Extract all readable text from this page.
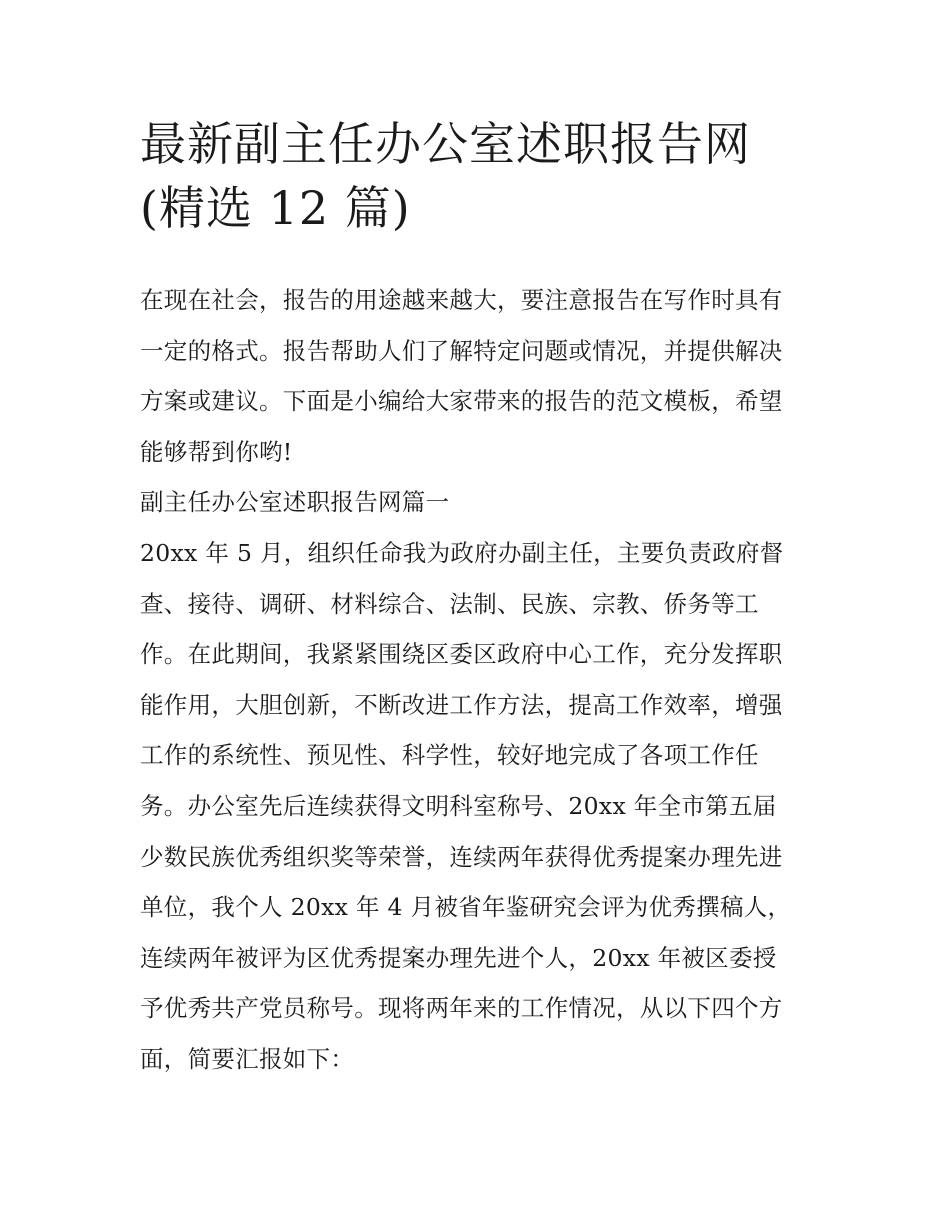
最新副主任办公室述职报告网
(精选 12 篇)
在现在社会，报告的用途越来越大，要注意报告在写作时具有
一定的格式。报告帮助人们了解特定问题或情况，并提供解决
方案或建议。下面是小编给大家带来的报告的范文模板，希望
能够帮到你哟!
副主任办公室述职报告网篇一
20xx 年 5 月，组织任命我为政府办副主任，主要负责政府督
查、接待、调研、材料综合、法制、民族、宗教、侨务等工
作。在此期间，我紧紧围绕区委区政府中心工作，充分发挥职
能作用，大胆创新，不断改进工作方法，提高工作效率，增强
工作的系统性、预见性、科学性，较好地完成了各项工作任
务。办公室先后连续获得文明科室称号、20xx 年全市第五届
少数民族优秀组织奖等荣誉，连续两年获得优秀提案办理先进
单位，我个人 20xx 年 4 月被省年鉴研究会评为优秀撰稿人，
连续两年被评为区优秀提案办理先进个人，20xx 年被区委授
予优秀共产党员称号。现将两年来的工作情况，从以下四个方
面，简要汇报如下：
